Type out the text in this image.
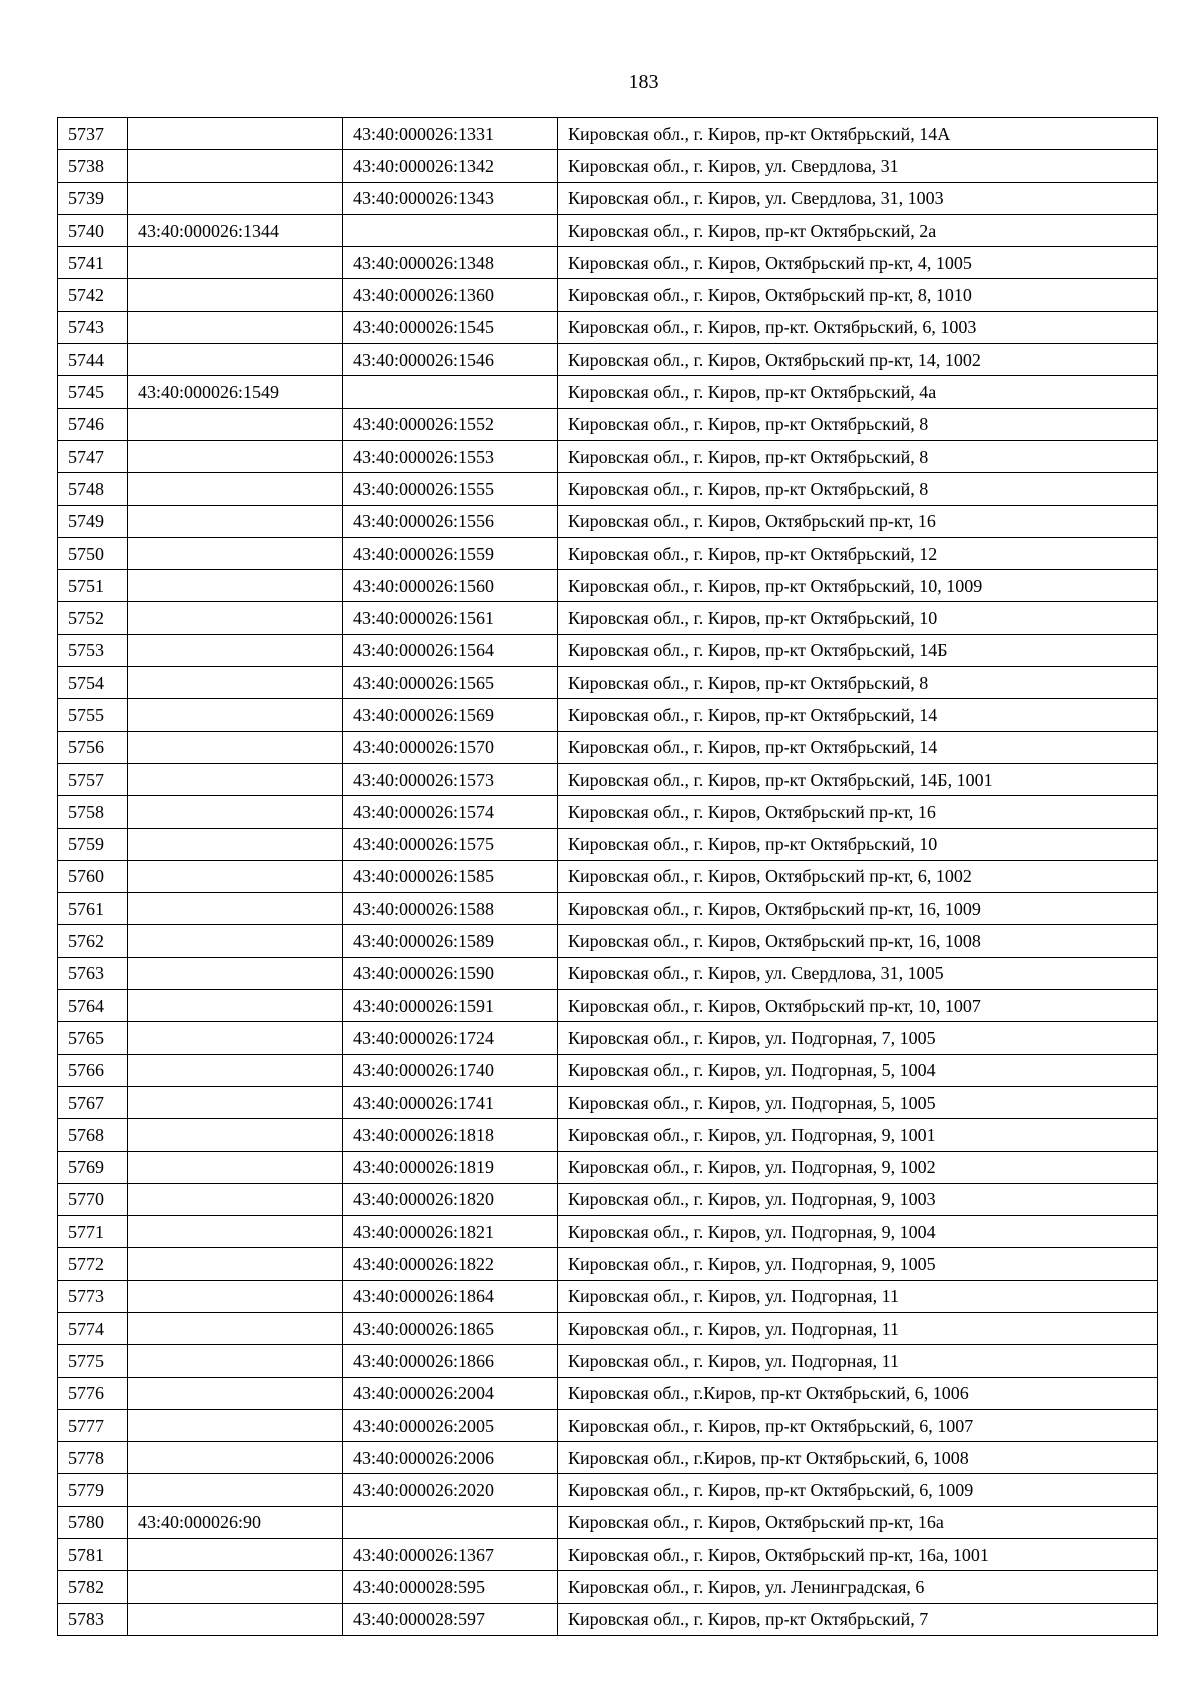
183
5737		43:40:000026:1331	Кировская обл., г. Киров, пр-кт Октябрьский, 14А
5738		43:40:000026:1342	Кировская обл., г. Киров, ул. Свердлова, 31
5739		43:40:000026:1343	Кировская обл., г. Киров, ул. Свердлова, 31, 1003
5740	43:40:000026:1344		Кировская обл., г. Киров, пр-кт Октябрьский, 2а
5741		43:40:000026:1348	Кировская обл., г. Киров, Октябрьский пр-кт, 4, 1005
5742		43:40:000026:1360	Кировская обл., г. Киров, Октябрьский пр-кт, 8, 1010
5743		43:40:000026:1545	Кировская обл., г. Киров, пр-кт. Октябрьский, 6, 1003
5744		43:40:000026:1546	Кировская обл., г. Киров, Октябрьский пр-кт, 14, 1002
5745	43:40:000026:1549		Кировская обл., г. Киров, пр-кт Октябрьский, 4а
5746		43:40:000026:1552	Кировская обл., г. Киров, пр-кт Октябрьский, 8
5747		43:40:000026:1553	Кировская обл., г. Киров, пр-кт Октябрьский, 8
5748		43:40:000026:1555	Кировская обл., г. Киров, пр-кт Октябрьский, 8
5749		43:40:000026:1556	Кировская обл., г. Киров, Октябрьский пр-кт, 16
5750		43:40:000026:1559	Кировская обл., г. Киров, пр-кт Октябрьский, 12
5751		43:40:000026:1560	Кировская обл., г. Киров, пр-кт Октябрьский, 10, 1009
5752		43:40:000026:1561	Кировская обл., г. Киров, пр-кт Октябрьский, 10
5753		43:40:000026:1564	Кировская обл., г. Киров, пр-кт Октябрьский, 14Б
5754		43:40:000026:1565	Кировская обл., г. Киров, пр-кт Октябрьский, 8
5755		43:40:000026:1569	Кировская обл., г. Киров, пр-кт Октябрьский, 14
5756		43:40:000026:1570	Кировская обл., г. Киров, пр-кт Октябрьский, 14
5757		43:40:000026:1573	Кировская обл., г. Киров, пр-кт Октябрьский, 14Б, 1001
5758		43:40:000026:1574	Кировская обл., г. Киров, Октябрьский пр-кт, 16
5759		43:40:000026:1575	Кировская обл., г. Киров, пр-кт Октябрьский, 10
5760		43:40:000026:1585	Кировская обл., г. Киров, Октябрьский пр-кт, 6, 1002
5761		43:40:000026:1588	Кировская обл., г. Киров, Октябрьский пр-кт, 16, 1009
5762		43:40:000026:1589	Кировская обл., г. Киров, Октябрьский пр-кт, 16, 1008
5763		43:40:000026:1590	Кировская обл., г. Киров, ул. Свердлова, 31, 1005
5764		43:40:000026:1591	Кировская обл., г. Киров, Октябрьский пр-кт, 10, 1007
5765		43:40:000026:1724	Кировская обл., г. Киров, ул. Подгорная, 7, 1005
5766		43:40:000026:1740	Кировская обл., г. Киров, ул. Подгорная, 5, 1004
5767		43:40:000026:1741	Кировская обл., г. Киров, ул. Подгорная, 5, 1005
5768		43:40:000026:1818	Кировская обл., г. Киров, ул. Подгорная, 9, 1001
5769		43:40:000026:1819	Кировская обл., г. Киров, ул. Подгорная, 9, 1002
5770		43:40:000026:1820	Кировская обл., г. Киров, ул. Подгорная, 9, 1003
5771		43:40:000026:1821	Кировская обл., г. Киров, ул. Подгорная, 9, 1004
5772		43:40:000026:1822	Кировская обл., г. Киров, ул. Подгорная, 9, 1005
5773		43:40:000026:1864	Кировская обл., г. Киров, ул. Подгорная, 11
5774		43:40:000026:1865	Кировская обл., г. Киров, ул. Подгорная, 11
5775		43:40:000026:1866	Кировская обл., г. Киров, ул. Подгорная, 11
5776		43:40:000026:2004	Кировская обл., г.Киров, пр-кт Октябрьский, 6, 1006
5777		43:40:000026:2005	Кировская обл., г. Киров, пр-кт Октябрьский, 6, 1007
5778		43:40:000026:2006	Кировская обл., г.Киров, пр-кт Октябрьский, 6, 1008
5779		43:40:000026:2020	Кировская обл., г. Киров, пр-кт Октябрьский, 6, 1009
5780	43:40:000026:90		Кировская обл., г. Киров, Октябрьский пр-кт, 16а
5781		43:40:000026:1367	Кировская обл., г. Киров, Октябрьский пр-кт, 16а, 1001
5782		43:40:000028:595	Кировская обл., г. Киров, ул. Ленинградская, 6
5783		43:40:000028:597	Кировская обл., г. Киров, пр-кт Октябрьский, 7
